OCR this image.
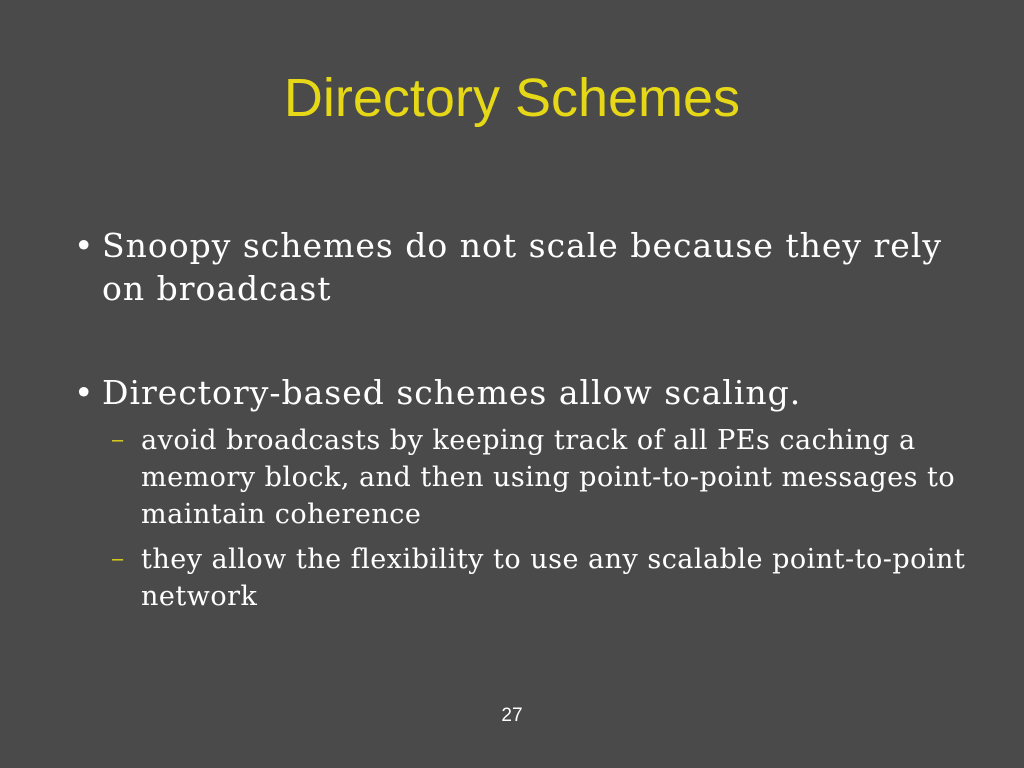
Directory Schemes
• Snoopy schemes do not scale because they rely on broadcast
• Directory-based schemes allow scaling.
– avoid broadcasts by keeping track of all PEs caching a memory block, and then using point-to-point messages to maintain coherence
– they allow the flexibility to use any scalable point-to-point network
27
